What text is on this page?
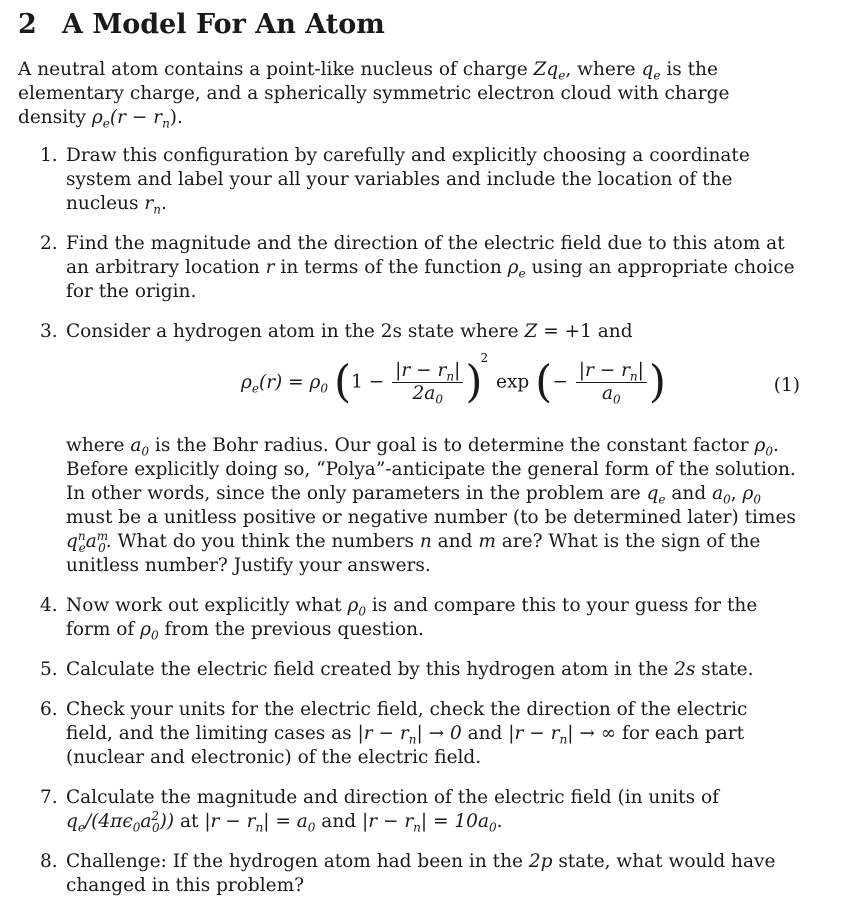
2 A Model For An Atom

A neutral atom contains a point-like nucleus of charge $Zq_e$, where $q_e$ is the elementary charge, and a spherically symmetric electron cloud with charge density $\rho_e(r - r_n)$.

1. Draw this configuration by carefully and explicitly choosing a coordinate system and label your all your variables and include the location of the nucleus $r_n$.
2. Find the magnitude and the direction of the electric field due to this atom at an arbitrary location r in terms of the function $\rho_e$ using an appropriate choice for the origin.
3. Consider a hydrogen atom in the 2s state where Z = +1 and
$\rho_e(r) = \rho_0$ $(1 - \frac{|r - r_n|}{2a_0} )^2$ exp (− $\frac{|r - r_n|}{a_0}$ )	(1)
where $a_0$ is the Bohr radius. Our goal is to determine the constant factor $\rho_0$. Before explicitly doing so, “Polya”-anticipate the general form of the solution. In other words, since the only parameters in the problem are $q_e$ and $a_0$, $\rho_0$ must be a unitless positive or negative number (to be determined later) times $q^n_ea^m_0$. What do you think the numbers n and m are? What is the sign of the unitless number? Justify your answers.
4. Now work out explicitly what $\rho_0$ is and compare this to your guess for the form of $\rho_0$ from the previous question.
5. Calculate the electric field created by this hydrogen atom in the 2s state.
6. Check your units for the electric field, check the direction of the electric field, and the limiting cases as $|r - r_n| \to 0$ and $|r - r_n|$ → ∞ for each part (nuclear and electronic) of the electric field.
7. Calculate the magnitude and direction of the electric field (in units of $q_e/(4\pi\epsilon_0a^2_0)$) at $|r - r_n| = a_0$ and $|r - r_n| = 10a_0$.
8. Challenge: If the hydrogen atom had been in the 2p state, what would have changed in this problem?
